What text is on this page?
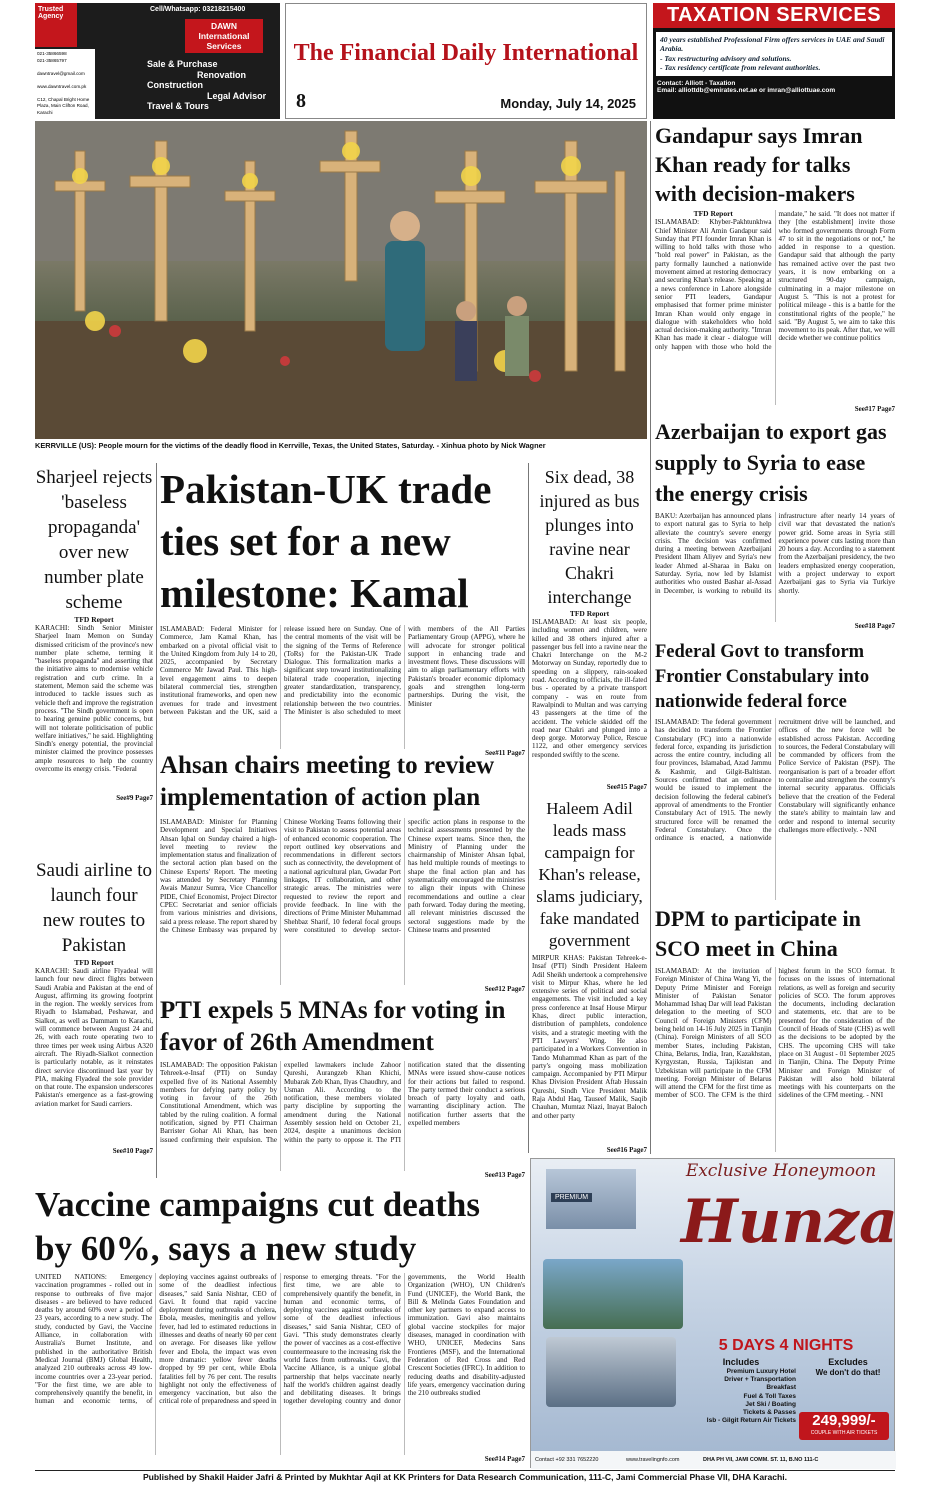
Trusted
Agency
021-35866598
021-35865797

dawntravel@gmail.com

www.dawntravel.com.pk

C12, Chapal Bright Home
Plaza, Main Clifton Road,
Karachi
Cell/Whatsapp: 03218215400
DAWN International Services
Sale & Purchase
Renovation
Construction
Legal Advisor
Travel & Tours
The Financial Daily International
8	Monday, July 14, 2025
TAXATION SERVICES
40 years established Professional Firm offers services in UAE and Saudi Arabia.
- Tax restructuring advisory and solutions.
- Tax residency certificate from relevant authorities.
Contact: Alliott - Taxation
Email: alliottdb@emirates.net.ae or imran@alliottuae.com
KERRVILLE (US): People mourn for the victims of the deadly flood in Kerrville, Texas, the United States, Saturday. - Xinhua photo by Nick Wagner
Gandapur says Imran Khan ready for talks with decision-makers
TFD Report
ISLAMABAD: Khyber-Pakhtunkhwa Chief Minister Ali Amin Gandapur said Sunday that PTI founder Imran Khan is willing to hold talks with those who "hold real power" in Pakistan, as the party formally launched a nationwide movement aimed at restoring democracy and securing Khan's release. Speaking at a news conference in Lahore alongside senior PTI leaders, Gandapur emphasised that former prime minister Imran Khan would only engage in dialogue with stakeholders who hold actual decision-making authority. "Imran Khan has made it clear - dialogue will only happen with those who hold the mandate," he said. "It does not matter if they [the establishment] invite those who formed governments through Form 47 to sit in the negotiations or not," he added in response to a question. Gandapur said that although the party has remained active over the past two years, it is now embarking on a structured 90-day campaign, culminating in a major milestone on August 5. "This is not a protest for political mileage - this is a battle for the constitutional rights of the people," he said. "By August 5, we aim to take this movement to its peak. After that, we will decide whether we continue politics
See#17 Page7
Azerbaijan to export gas supply to Syria to ease the energy crisis
BAKU: Azerbaijan has announced plans to export natural gas to Syria to help alleviate the country's severe energy crisis. The decision was confirmed during a meeting between Azerbaijani President Ilham Aliyev and Syria's new leader Ahmed al-Sharaa in Baku on Saturday. Syria, now led by Islamist authorities who ousted Bashar al-Assad in December, is working to rebuild its infrastructure after nearly 14 years of civil war that devastated the nation's power grid. Some areas in Syria still experience power cuts lasting more than 20 hours a day. According to a statement from the Azerbaijani presidency, the two leaders emphasized energy cooperation, with a project underway to export Azerbaijani gas to Syria via Turkiye shortly.
See#18 Page7
Federal Govt to transform Frontier Constabulary into nationwide federal force
ISLAMABAD: The federal government has decided to transform the Frontier Constabulary (FC) into a nationwide federal force, expanding its jurisdiction across the entire country, including all four provinces, Islamabad, Azad Jammu & Kashmir, and Gilgit-Baltistan. Sources confirmed that an ordinance would be issued to implement the decision following the federal cabinet's approval of amendments to the Frontier Constabulary Act of 1915. The newly structured force will be renamed the Federal Constabulary. Once the ordinance is enacted, a nationwide recruitment drive will be launched, and offices of the new force will be established across Pakistan. According to sources, the Federal Constabulary will be commanded by officers from the Police Service of Pakistan (PSP). The reorganisation is part of a broader effort to centralise and strengthen the country's internal security apparatus. Officials believe that the creation of the Federal Constabulary will significantly enhance the state's ability to maintain law and order and respond to internal security challenges more effectively. - NNI
DPM to participate in SCO meet in China
ISLAMABAD: At the invitation of Foreign Minister of China Wang Yi, the Deputy Prime Minister and Foreign Minister of Pakistan Senator Mohammad Ishaq Dar will lead Pakistan delegation to the meeting of SCO Council of Foreign Ministers (CFM) being held on 14-16 July 2025 in Tianjin (China). Foreign Ministers of all SCO member States, including Pakistan, China, Belarus, India, Iran, Kazakhstan, Kyrgyzstan, Russia, Tajikistan and Uzbekistan will participate in the CFM meeting. Foreign Minister of Belarus will attend the CFM for the first time as member of SCO. The CFM is the third highest forum in the SCO format. It focuses on the issues of international relations, as well as foreign and security policies of SCO. The forum approves the documents, including declaration and statements, etc. that are to be presented for the consideration of the Council of Heads of State (CHS) as well as the decisions to be adopted by the CHS. The upcoming CHS will take place on 31 August - 01 September 2025 in Tianjin, China. The Deputy Prime Minister and Foreign Minister of Pakistan will also hold bilateral meetings with his counterparts on the sidelines of the CFM meeting. - NNI
Sharjeel rejects 'baseless propaganda' over new number plate scheme
TFD Report
KARACHI: Sindh Senior Minister Sharjeel Inam Memon on Sunday dismissed criticism of the province's new number plate scheme, terming it "baseless propaganda" and asserting that the initiative aims to modernise vehicle registration and curb crime. In a statement, Memon said the scheme was introduced to tackle issues such as vehicle theft and improve the registration process. "The Sindh government is open to hearing genuine public concerns, but will not tolerate politicisation of public welfare initiatives," he said. Highlighting Sindh's energy potential, the provincial minister claimed the province possesses ample resources to help the country overcome its energy crisis. "Federal
See#9 Page7
Saudi airline to launch four new routes to Pakistan
TFD Report
KARACHI: Saudi airline Flyadeal will launch four new direct flights between Saudi Arabia and Pakistan at the end of August, affirming its growing footprint in the region. The weekly services from Riyadh to Islamabad, Peshawar, and Sialkot, as well as Dammam to Karachi, will commence between August 24 and 26, with each route operating two to three times per week using Airbus A320 aircraft. The Riyadh-Sialkot connection is particularly notable, as it reinstates direct service discontinued last year by PIA, making Flyadeal the sole provider on that route. The expansion underscores Pakistan's emergence as a fast-growing aviation market for Saudi carriers.
See#10 Page7
Pakistan-UK trade ties set for a new milestone: Kamal
ISLAMABAD: Federal Minister for Commerce, Jam Kamal Khan, has embarked on a pivotal official visit to the United Kingdom from July 14 to 20, 2025, accompanied by Secretary Commerce Mr Jawad Paul. This high-level engagement aims to deepen bilateral commercial ties, strengthen institutional frameworks, and open new avenues for trade and investment between Pakistan and the UK, said a release issued here on Sunday. One of the central moments of the visit will be the signing of the Terms of Reference (ToRs) for the Pakistan-UK Trade Dialogue. This formalization marks a significant step toward institutionalizing bilateral trade cooperation, injecting greater standardization, transparency, and predictability into the economic relationship between the two countries. The Minister is also scheduled to meet with members of the All Parties Parliamentary Group (APPG), where he will advocate for stronger political support in enhancing trade and investment flows. These discussions will aim to align parliamentary efforts with Pakistan's broader economic diplomacy goals and strengthen long-term partnerships. During the visit, the Minister
See#11 Page7
Six dead, 38 injured as bus plunges into ravine near Chakri interchange
TFD Report
ISLAMABAD: At least six people, including women and children, were killed and 38 others injured after a passenger bus fell into a ravine near the Chakri Interchange on the M-2 Motorway on Sunday, reportedly due to speeding on a slippery, rain-soaked road. According to officials, the ill-fated bus - operated by a private transport company - was en route from Rawalpindi to Multan and was carrying 43 passengers at the time of the accident. The vehicle skidded off the road near Chakri and plunged into a deep gorge. Motorway Police, Rescue 1122, and other emergency services responded swiftly to the scene.
See#15 Page7
Ahsan chairs meeting to review implementation of action plan
ISLAMABAD: Minister for Planning Development and Special Initiatives Ahsan Iqbal on Sunday chaired a high-level meeting to review the implementation status and finalization of the sectoral action plan based on the Chinese Experts' Report. The meeting was attended by Secretary Planning Awais Manzur Sumra, Vice Chancellor PIDE, Chief Economist, Project Director CPEC Secretariat and senior officials from various ministries and divisions, said a press release. The report shared by the Chinese Embassy was prepared by Chinese Working Teams following their visit to Pakistan to assess potential areas of enhanced economic cooperation. The report outlined key observations and recommendations in different sectors such as connectivity, the development of a national agricultural plan, Gwadar Port linkages, IT collaboration, and other strategic areas. The ministries were requested to review the report and provide feedback. In line with the directions of Prime Minister Muhammad Shehbaz Sharif, 10 federal focal groups were constituted to develop sector-specific action plans in response to the technical assessments presented by the Chinese expert teams. Since then, the Ministry of Planning under the chairmanship of Minister Ahsan Iqbal, has held multiple rounds of meetings to shape the final action plan and has systematically encouraged the ministries to align their inputs with Chinese recommendations and outline a clear path forward. Today during the meeting, all relevant ministries discussed the sectoral suggestions made by the Chinese teams and presented
See#12 Page7
Haleem Adil leads mass campaign for Khan's release, slams judiciary, fake mandated government
MIRPUR KHAS: Pakistan Tehreek-e-Insaf (PTI) Sindh President Haleem Adil Sheikh undertook a comprehensive visit to Mirpur Khas, where he led extensive series of political and social engagements. The visit included a key press conference at Insaf House Mirpur Khas, direct public interaction, distribution of pamphlets, condolence visits, and a strategic meeting with the PTI Lawyers' Wing. He also participated in a Workers Convention in Tando Muhammad Khan as part of the party's ongoing mass mobilization campaign. Accompanied by PTI Mirpur Khas Division President Aftab Hussain Qureshi, Sindh Vice President Malik Raja Abdul Haq, Tauseef Malik, Saqib Chauhan, Mumtaz Niazi, Inayat Baloch and other party
See#16 Page7
PTI expels 5 MNAs for voting in favor of 26th Amendment
ISLAMABAD: The opposition Pakistan Tehreek-e-Insaf (PTI) on Sunday expelled five of its National Assembly members for defying party policy by voting in favour of the 26th Constitutional Amendment, which was tabled by the ruling coalition. A formal notification, signed by PTI Chairman Barrister Gohar Ali Khan, has been issued confirming their expulsion. The expelled lawmakers include Zahoor Qureshi, Aurangzeb Khan Khichi, Mubarak Zeb Khan, Ilyas Chaudhry, and Usman Ali. According to the notification, these members violated party discipline by supporting the amendment during the National Assembly session held on October 21, 2024, despite a unanimous decision within the party to oppose it. The PTI notification stated that the dissenting MNAs were issued show-cause notices for their actions but failed to respond. The party termed their conduct a serious breach of party loyalty and oath, warranting disciplinary action. The notification further asserts that the expelled members
See#13 Page7
Vaccine campaigns cut deaths by 60%, says a new study
UNITED NATIONS: Emergency vaccination programmes - rolled out in response to outbreaks of five major diseases - are believed to have reduced deaths by around 60% over a period of 23 years, according to a new study. The study, conducted by Gavi, the Vaccine Alliance, in collaboration with Australia's Burnet Institute, and published in the authoritative British Medical Journal (BMJ) Global Health, analyzed 210 outbreaks across 49 low-income countries over a 23-year period. "For the first time, we are able to comprehensively quantify the benefit, in human and economic terms, of deploying vaccines against outbreaks of some of the deadliest infectious diseases," said Sania Nishtar, CEO of Gavi. It found that rapid vaccine deployment during outbreaks of cholera, Ebola, measles, meningitis and yellow fever, had led to estimated reductions in illnesses and deaths of nearly 60 per cent on average. For diseases like yellow fever and Ebola, the impact was even more dramatic: yellow fever deaths dropped by 99 per cent, while Ebola fatalities fell by 76 per cent. The results highlight not only the effectiveness of emergency vaccination, but also the critical role of preparedness and speed in response to emerging threats. "For the first time, we are able to comprehensively quantify the benefit, in human and economic terms, of deploying vaccines against outbreaks of some of the deadliest infectious diseases," said Sania Nishtar, CEO of Gavi. "This study demonstrates clearly the power of vaccines as a cost-effective countermeasure to the increasing risk the world faces from outbreaks." Gavi, the Vaccine Alliance, is a unique global partnership that helps vaccinate nearly half the world's children against deadly and debilitating diseases. It brings together developing country and donor governments, the World Health Organization (WHO), UN Children's Fund (UNICEF), the World Bank, the Bill & Melinda Gates Foundation and other key partners to expand access to immunization. Gavi also maintains global vaccine stockpiles for major diseases, managed in coordination with WHO, UNICEF, Medecins Sans Frontieres (MSF), and the International Federation of Red Cross and Red Crescent Societies (IFRC). In addition to reducing deaths and disability-adjusted life years, emergency vaccination during the 210 outbreaks studied
See#14 Page7
PREMIUM
Exclusive Honeymoon
Hunza
5 DAYS 4 NIGHTS
Includes
Premium Luxury Hotel
Driver + Transportation
Breakfast
Fuel & Toll Taxes
Jet Ski / Boating
Tickets & Passes
Isb - Gilgit Return Air Tickets
Excludes
We don't do that!
249,999/-
COUPLE WITH AIR TICKETS
Contact +92 331 7652220	www.travelingnfo.com	DHA PH VII, JAMI COMM. ST. 11, B.NO 111-C
Published by Shakil Haider Jafri & Printed by Mukhtar Aqil at KK Printers for Data Research Communication, 111-C, Jami Commercial Phase VII, DHA Karachi.
